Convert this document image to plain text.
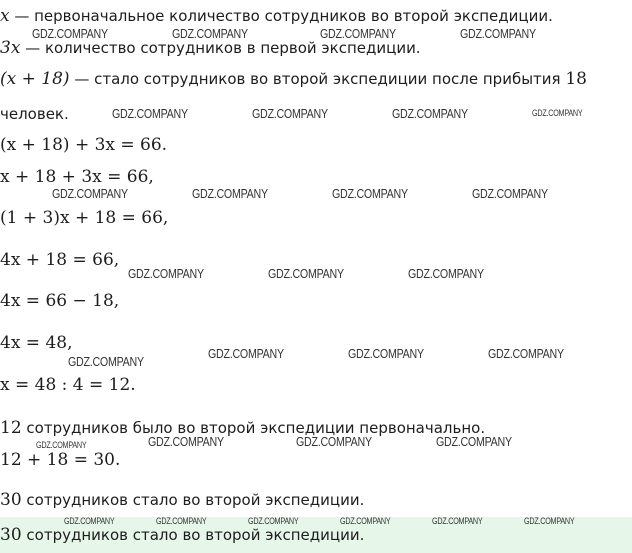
x — первоначальное количество сотрудников во второй экспедиции.
3x — количество сотрудников в первой экспедиции.
(x + 18) — стало сотрудников во второй экспедиции после прибытия 18
человек.
(x + 18) + 3x = 66.
x + 18 + 3x = 66,
(1 + 3)x + 18 = 66,
4x + 18 = 66,
4x = 66 − 18,
4x = 48,
x = 48 : 4 = 12.
12 сотрудников было во второй экспедиции первоначально.
12 + 18 = 30.
30 сотрудников стало во второй экспедиции.
30 сотрудников стало во второй экспедиции.
GDZ.COMPANY	GDZ.COMPANY	GDZ.COMPANY	GDZ.COMPANY
GDZ.COMPANY	GDZ.COMPANY	GDZ.COMPANY	GDZ.COMPANY
GDZ.COMPANY	GDZ.COMPANY	GDZ.COMPANY	GDZ.COMPANY
GDZ.COMPANY	GDZ.COMPANY	GDZ.COMPANY
GDZ.COMPANY
GDZ.COMPANY	GDZ.COMPANY	GDZ.COMPANY
GDZ.COMPANY	GDZ.COMPANY	GDZ.COMPANY	GDZ.COMPANY
GDZ.COMPANY	GDZ.COMPANY	GDZ.COMPANY	GDZ.COMPANY	GDZ.COMPANY	GDZ.COMPANY
